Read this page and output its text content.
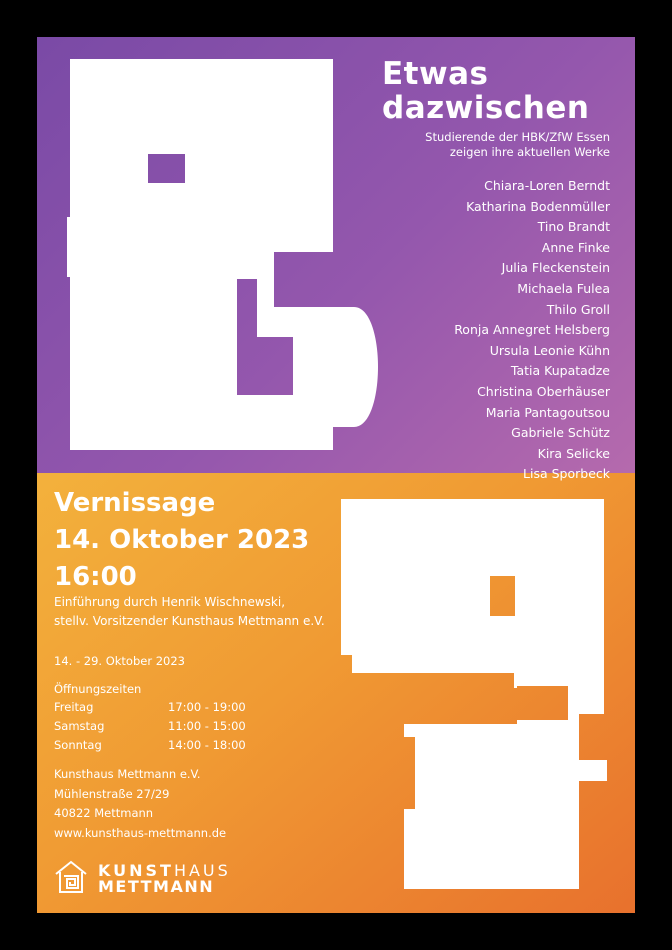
Etwas
dazwischen

Studierende der HBK/ZfW Essen
zeigen ihre aktuellen Werke

Chiara-Loren Berndt
Katharina Bodenmüller
Tino Brandt
Anne Finke
Julia Fleckenstein
Michaela Fulea
Thilo Groll
Ronja Annegret Helsberg
Ursula Leonie Kühn
Tatia Kupatadze
Christina Oberhäuser
Maria Pantagoutsou
Gabriele Schütz
Kira Selicke
Lisa Sporbeck
Vernissage
14. Oktober 2023
16:00

Einführung durch Henrik Wischnewski,
stellv. Vorsitzender Kunsthaus Mettmann e.V.

14. - 29. Oktober 2023

Öffnungszeiten
Freitag	17:00 - 19:00
Samstag	11:00 - 15:00
Sonntag	14:00 - 18:00

Kunsthaus Mettmann e.V.
Mühlenstraße 27/29
40822 Mettmann
www.kunsthaus-mettmann.de

KUNSTHAUS
METTMANN
